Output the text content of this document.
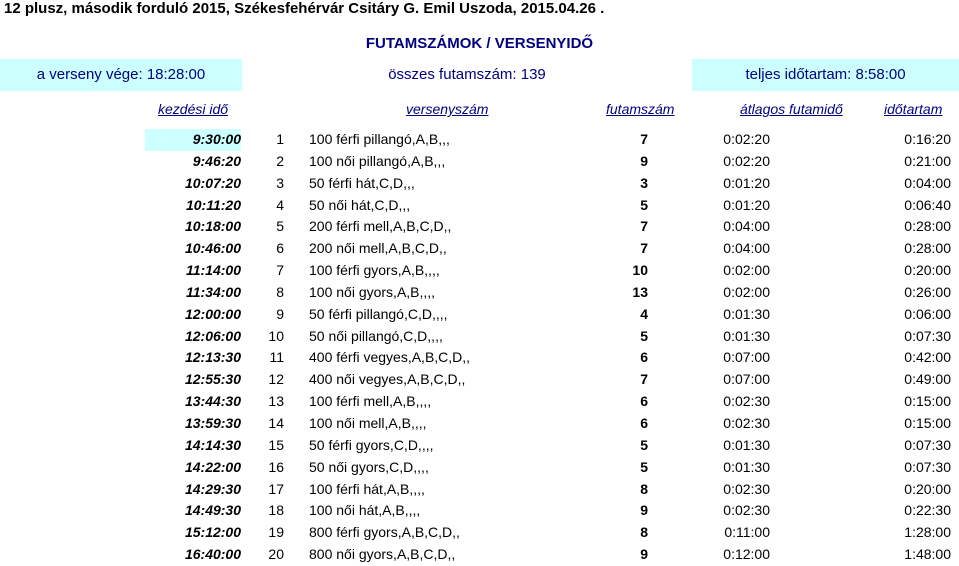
12 plusz, második forduló 2015, Székesfehérvár Csitáry G. Emil Uszoda, 2015.04.26 .
FUTAMSZÁMOK / VERSENYIDŐ
a verseny vége: 18:28:00	összes futamszám: 139	teljes időtartam: 8:58:00
kezdési idő	versenyszám	futamszám	átlagos futamidő	időtartam
9:30:00	1 100 férfi pillangó,A,B,,,	7	0:02:20	0:16:20
9:46:20	2 100 női pillangó,A,B,,,	9	0:02:20	0:21:00
10:07:20	3 50 férfi hát,C,D,,,	3	0:01:20	0:04:00
10:11:20	4 50 női hát,C,D,,,	5	0:01:20	0:06:40
10:18:00	5 200 férfi mell,A,B,C,D,,	7	0:04:00	0:28:00
10:46:00	6 200 női mell,A,B,C,D,,	7	0:04:00	0:28:00
11:14:00	7 100 férfi gyors,A,B,,,,	10	0:02:00	0:20:00
11:34:00	8 100 női gyors,A,B,,,,	13	0:02:00	0:26:00
12:00:00	9 50 férfi pillangó,C,D,,,,	4	0:01:30	0:06:00
12:06:00 10 50 női pillangó,C,D,,,,	5	0:01:30	0:07:30
12:13:30 11 400 férfi vegyes,A,B,C,D,,	6	0:07:00	0:42:00
12:55:30 12 400 női vegyes,A,B,C,D,,	7	0:07:00	0:49:00
13:44:30 13 100 férfi mell,A,B,,,,	6	0:02:30	0:15:00
13:59:30 14 100 női mell,A,B,,,,	6	0:02:30	0:15:00
14:14:30 15 50 férfi gyors,C,D,,,,	5	0:01:30	0:07:30
14:22:00 16 50 női gyors,C,D,,,,	5	0:01:30	0:07:30
14:29:30 17 100 férfi hát,A,B,,,,	8	0:02:30	0:20:00
14:49:30 18 100 női hát,A,B,,,,	9	0:02:30	0:22:30
15:12:00 19 800 férfi gyors,A,B,C,D,,	8	0:11:00	1:28:00
16:40:00 20 800 női gyors,A,B,C,D,,	9	0:12:00	1:48:00
